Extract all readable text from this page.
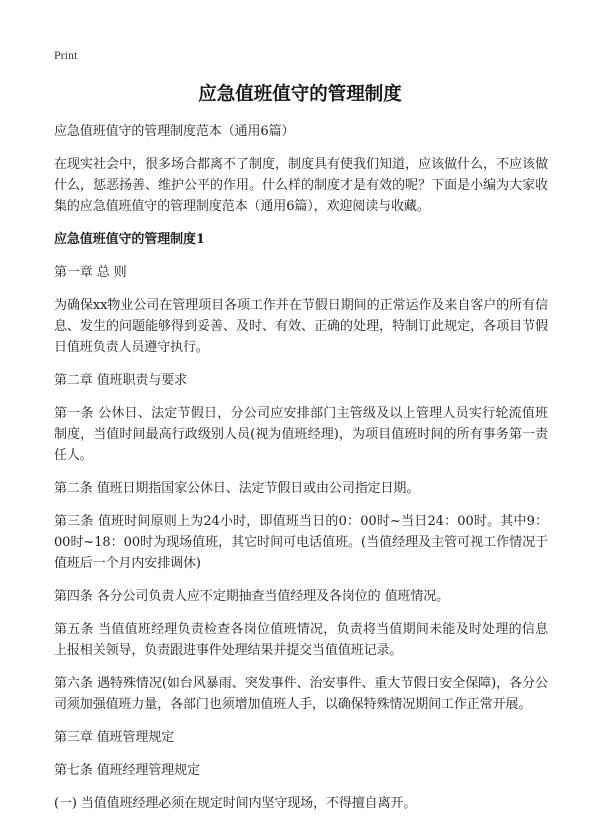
Print
应急值班值守的管理制度

应急值班值守的管理制度范本（通用6篇）

在现实社会中，很多场合都离不了制度，制度具有使我们知道，应该做什么，不应该做什么，惩恶扬善、维护公平的作用。什么样的制度才是有效的呢？下面是小编为大家收集的应急值班值守的管理制度范本（通用6篇），欢迎阅读与收藏。

应急值班值守的管理制度1

第一章 总 则

为确保xx物业公司在管理项目各项工作并在节假日期间的正常运作及来自客户的所有信息、发生的问题能够得到妥善、及时、有效、正确的处理，特制订此规定，各项目节假日值班负责人员遵守执行。

第二章 值班职责与要求

第一条 公休日、法定节假日，分公司应安排部门主管级及以上管理人员实行轮流值班制度，当值时间最高行政级别人员(视为值班经理)，为项目值班时间的所有事务第一责任人。

第二条 值班日期指国家公休日、法定节假日或由公司指定日期。

第三条 值班时间原则上为24小时，即值班当日的0：00时~当日24：00时。其中9：00时~18：00时为现场值班，其它时间可电话值班。(当值经理及主管可视工作情况于值班后一个月内安排调休)

第四条 各分公司负责人应不定期抽查当值经理及各岗位的 值班情况。

第五条 当值值班经理负责检查各岗位值班情况，负责将当值期间未能及时处理的信息上报相关领导，负责跟进事件处理结果并提交当值值班记录。

第六条 遇特殊情况(如台风暴雨、突发事件、治安事件、重大节假日安全保障)，各分公司须加强值班力量，各部门也须增加值班人手，以确保特殊情况期间工作正常开展。

第三章 值班管理规定

第七条 值班经理管理规定

(一) 当值值班经理必须在规定时间内坚守现场，不得擅自离开。
